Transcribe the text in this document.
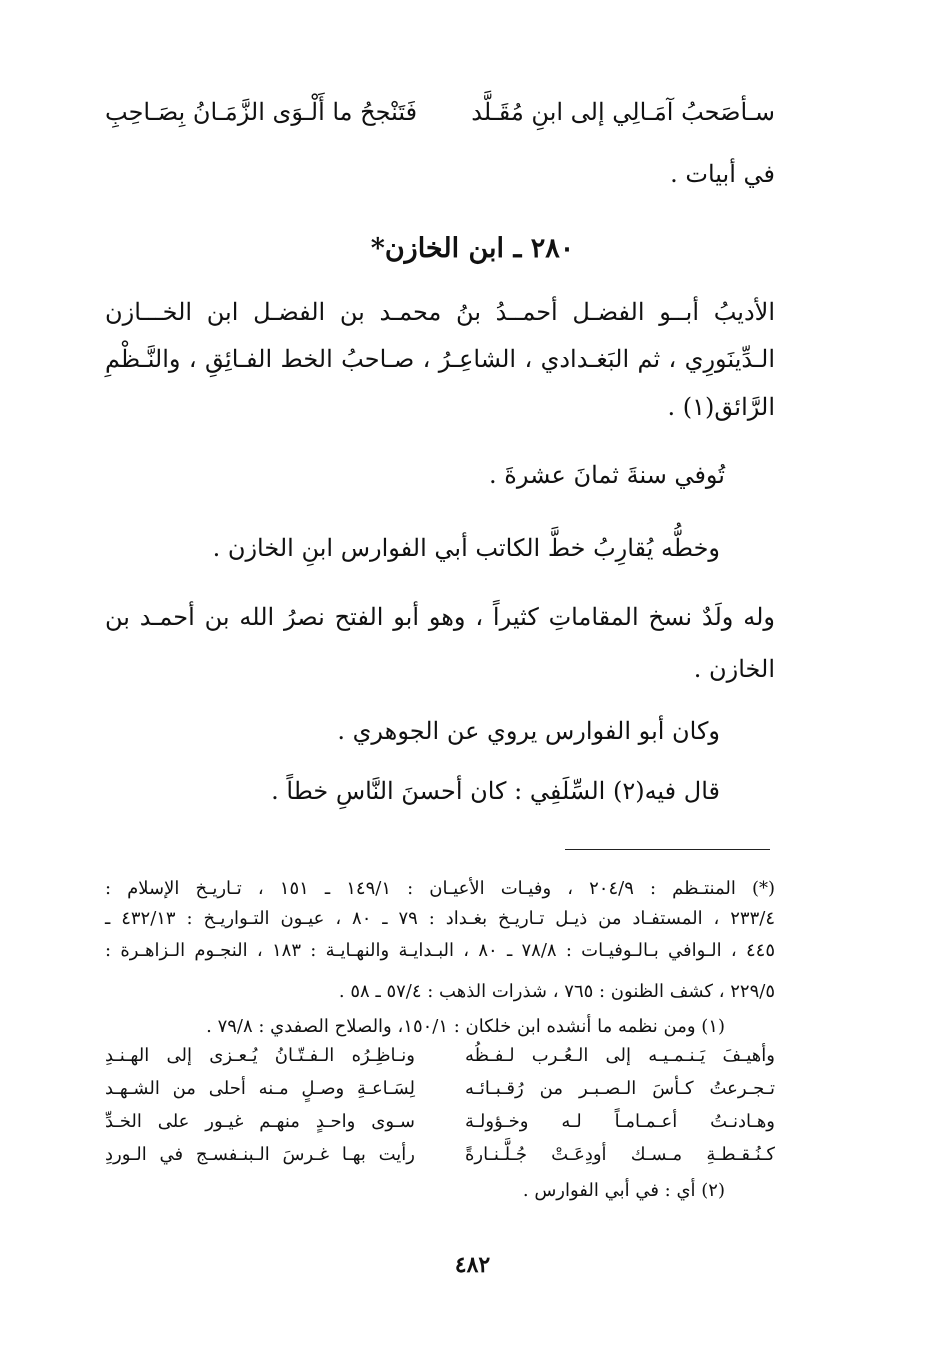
سـأصَحبُ آمَـالِي إلى ابنِ مُقَـلَّد
فَتَنْجحُ ما أَلْـوَى الزَّمَـانُ بِصَـاحِبِ
في أبيات .
٢٨٠ ـ ابن الخازن*
الأديبُ أبــو الفضـل أحمــدُ بنُ محمـد بن الفضـل ابن الخـــازن
الـدِّينَورِي ، ثم البَغـدادي ، الشاعِـرُ ، صـاحبُ الخط الفـائِقِ ، والنَّـظْمِ
الرَّائق(١) .
تُوفي سنةَ ثمانَ عشرةَ .
وخطُّه يُقارِبُ خطَّ الكاتب أبي الفوارس ابنِ الخازن .
وله ولَدٌ نسخ المقاماتِ كثيراً ، وهو أبو الفتح نصرُ الله بن أحمـد بن
الخازن .
وكان أبو الفوارس يروي عن الجوهري .
قال فيه(٢) السِّلَفِي : كان أحسنَ النَّاسِ خطاً .
(*) المنتـظم : ٢٠٤/٩ ، وفيـات الأعيـان : ١٤٩/١ ـ ١٥١ ، تـاريـخ الإسلام :
٢٣٣/٤ ، المستفـاد من ذيـل تـاريـخ بغـداد : ٧٩ ـ ٨٠ ، عيـون التـواريـخ : ٤٣٢/١٣ ـ
٤٤٥ ، الـوافي بـالـوفيـات : ٧٨/٨ ـ ٨٠ ، البـدايـة والنهـايـة : ١٨٣ ، النجـوم الـزاهـرة :
٢٢٩/٥ ، كشف الظنون : ٧٦٥ ، شذرات الذهب : ٥٧/٤ ـ ٥٨ .
(١) ومن نظمه ما أنشده ابن خلكان : ١٥٠/١، والصلاح الصفدي : ٧٩/٨ .
وأهيـفَ يَـنـمـيـه إلى الـعُـرب لـفـظُه
ونـاظِـرُه الـفـتّـانُ يُـعـزى إلى الهـنـدِ
تـجـرعتُ كـأسَ الـصـبـر من رُقـبـائـه
لِسَـاعـةِ وصـلٍ مـنه أحلى من الشـهـد
وهـادنـتُ أعـمـامـاً لـه وخـؤولـة
سـوى واحـدٍ منهـم غيـور على الخـدِّ
كـنُـقـطـةِ مـسـك أودِعَـتْ جُـلَّـنـارةً
رأيت بهـا غـرسَ الـبنـفسـج في الـوردِ
(٢) أي : في أبي الفوارس .
٤٨٢
